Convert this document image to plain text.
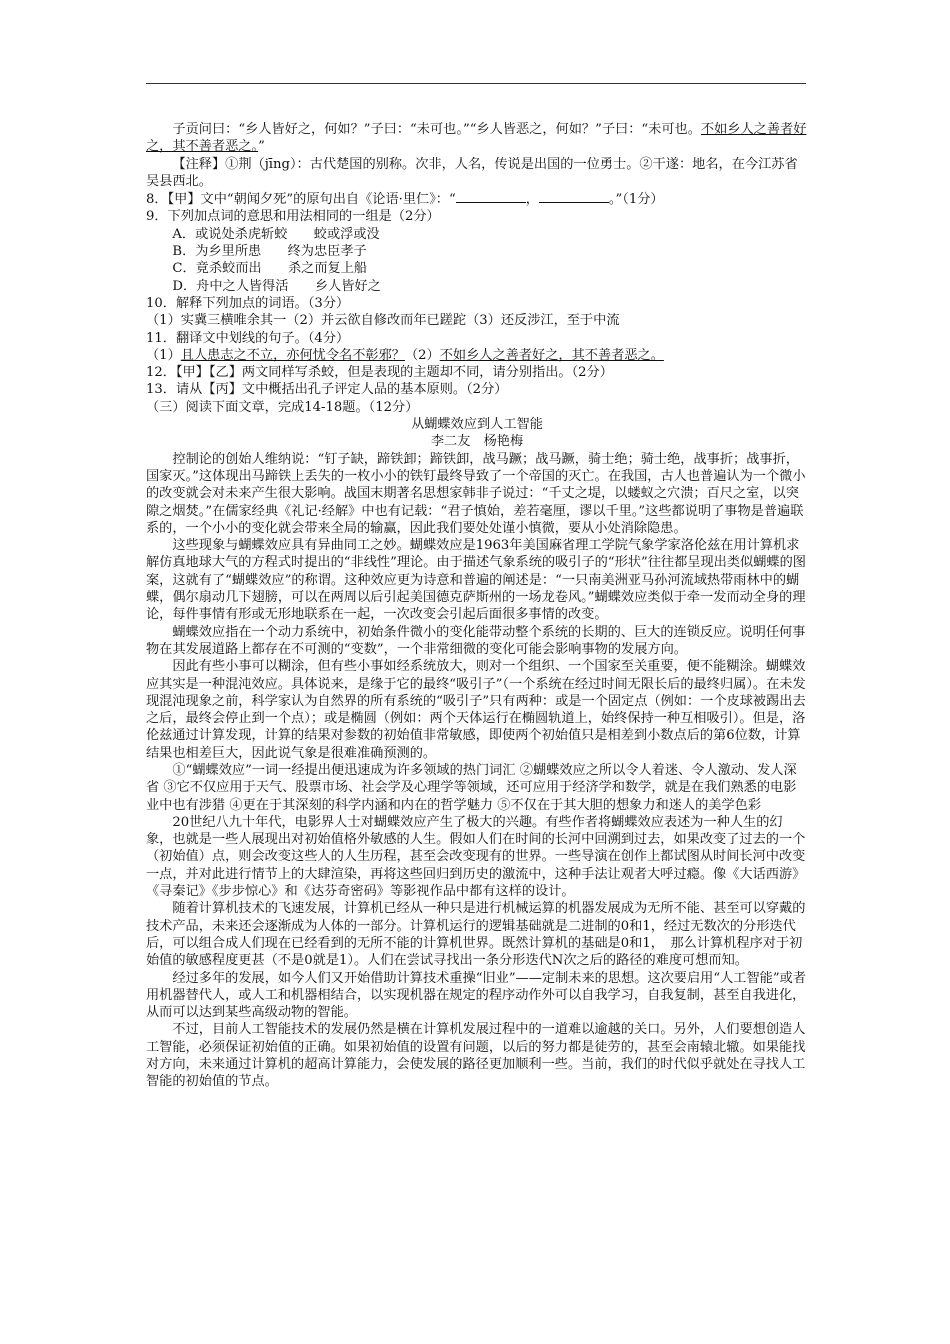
子贡问曰：“乡人皆好之，何如？”子曰：“未可也。”“乡人皆恶之，何如？”子曰：“未可也。不如乡人之善者好之，其不善者恶之。”

【注释】①荆（jīng）：古代楚国的别称。次非，人名，传说是出国的一位勇士。②干遂：地名，在今江苏省吴县西北。

8．【甲】文中“朝闻夕死”的原句出自《论语·里仁》：“	，	。”（1分）

9．下列加点词的意思和用法相同的一组是（2分）

A．或说处杀虎斩蛟　　蛟或浮或没

B．为乡里所患　　终为忠臣孝子

C．竟杀蛟而出　　杀之而复上船

D．舟中之人皆得活　　乡人皆好之

10．解释下列加点的词语。（3分）

（1）实冀三横唯余其一（2）并云欲自修改而年已蹉跎（3）还反涉江，至于中流

11．翻译文中划线的句子。（4分）

（1）且人患志之不立，亦何忧令名不彰邪？（2）不如乡人之善者好之，其不善者恶之。

12．【甲】【乙】两文同样写杀蛟，但是表现的主题却不同，请分别指出。（2分）

13．请从【丙】文中概括出孔子评定人品的基本原则。（2分）

（三）阅读下面文章，完成14-18题。（12分）

从蝴蝶效应到人工智能

李二友　杨艳梅

控制论的创始人维纳说：“钉子缺，蹄铁卸；蹄铁卸，战马蹶；战马蹶，骑士绝；骑士绝，战事折；战事折，国家灭。”这体现出马蹄铁上丢失的一枚小小的铁钉最终导致了一个帝国的灭亡。在我国，古人也普遍认为一个微小的改变就会对未来产生很大影响。战国末期著名思想家韩非子说过：“千丈之堤，以蝼蚁之穴溃；百尺之室，以突隙之烟焚。”在儒家经典《礼记·经解》中也有记载：“君子慎始，差若毫厘，谬以千里。”这些都说明了事物是普遍联系的，一个小小的变化就会带来全局的输赢，因此我们要处处谨小慎微，要从小处消除隐患。

这些现象与蝴蝶效应具有异曲同工之妙。蝴蝶效应是1963年美国麻省理工学院气象学家洛伦兹在用计算机求解仿真地球大气的方程式时提出的“非线性”理论。由于描述气象系统的吸引子的“形状”往往都呈现出类似蝴蝶的图案，这就有了“蝴蝶效应”的称谓。这种效应更为诗意和普遍的阐述是：“一只南美洲亚马孙河流域热带雨林中的蝴蝶，偶尔扇动几下翅膀，可以在两周以后引起美国德克萨斯州的一场龙卷风。”蝴蝶效应类似于牵一发而动全身的理论，每件事情有形或无形地联系在一起，一次改变会引起后面很多事情的改变。

蝴蝶效应指在一个动力系统中，初始条件微小的变化能带动整个系统的长期的、巨大的连锁反应。说明任何事物在其发展道路上都存在不可测的“变数”，一个非常细微的变化可能会影响事物的发展方向。

因此有些小事可以糊涂，但有些小事如经系统放大，则对一个组织、一个国家至关重要，便不能糊涂。蝴蝶效应其实是一种混沌效应。具体说来，是缘于它的最终“吸引子”（一个系统在经过时间无限长后的最终归属）。在未发现混沌现象之前，科学家认为自然界的所有系统的“吸引子”只有两种：或是一个固定点（例如：一个皮球被踢出去之后，最终会停止到一个点）；或是椭圆（例如：两个天体运行在椭圆轨道上，始终保持一种互相吸引）。但是，洛伦兹通过计算发现，计算的结果对参数的初始值非常敏感，即使两个初始值只是相差到小数点后的第6位数，计算结果也相差巨大，因此说气象是很难准确预测的。

①“蝴蝶效应”一词一经提出便迅速成为许多领域的热门词汇 ②蝴蝶效应之所以令人着迷、令人激动、发人深省 ③它不仅应用于天气、股票市场、社会学及心理学等领域，还可应用于经济学和数学，就是在我们熟悉的电影业中也有涉猎 ④更在于其深刻的科学内涵和内在的哲学魅力 ⑤不仅在于其大胆的想象力和迷人的美学色彩

20世纪八九十年代，电影界人士对蝴蝶效应产生了极大的兴趣。有些作者将蝴蝶效应表述为一种人生的幻象，也就是一些人展现出对初始值格外敏感的人生。假如人们在时间的长河中回溯到过去，如果改变了过去的一个（初始值）点，则会改变这些人的人生历程，甚至会改变现有的世界。一些导演在创作上都试图从时间长河中改变一点，并对此进行情节上的大肆渲染，再将这些回归到历史的激流中，这种手法让观者大呼过瘾。像《大话西游》《寻秦记》《步步惊心》和《达芬奇密码》等影视作品中都有这样的设计。

随着计算机技术的飞速发展，计算机已经从一种只是进行机械运算的机器发展成为无所不能、甚至可以穿戴的技术产品，未来还会逐渐成为人体的一部分。计算机运行的逻辑基础就是二进制的0和1，经过无数次的分形迭代后，可以组合成人们现在已经看到的无所不能的计算机世界。既然计算机的基础是0和1，　那么计算机程序对于初始值的敏感程度更甚（不是0就是1）。人们在尝试寻找出一条分形迭代N次之后的路径的难度可想而知。

经过多年的发展，如今人们又开始借助计算技术重操“旧业”——定制未来的思想。这次要启用“人工智能”或者用机器替代人，或人工和机器相结合，以实现机器在规定的程序动作外可以自我学习，自我复制，甚至自我进化，从而可以达到某些高级动物的智能。

不过，目前人工智能技术的发展仍然是横在计算机发展过程中的一道难以逾越的关口。另外，人们要想创造人工智能，必须保证初始值的正确。如果初始值的设置有问题，以后的努力都是徒劳的，甚至会南辕北辙。如果能找对方向，未来通过计算机的超高计算能力，会使发展的路径更加顺利一些。当前，我们的时代似乎就处在寻找人工智能的初始值的节点。
